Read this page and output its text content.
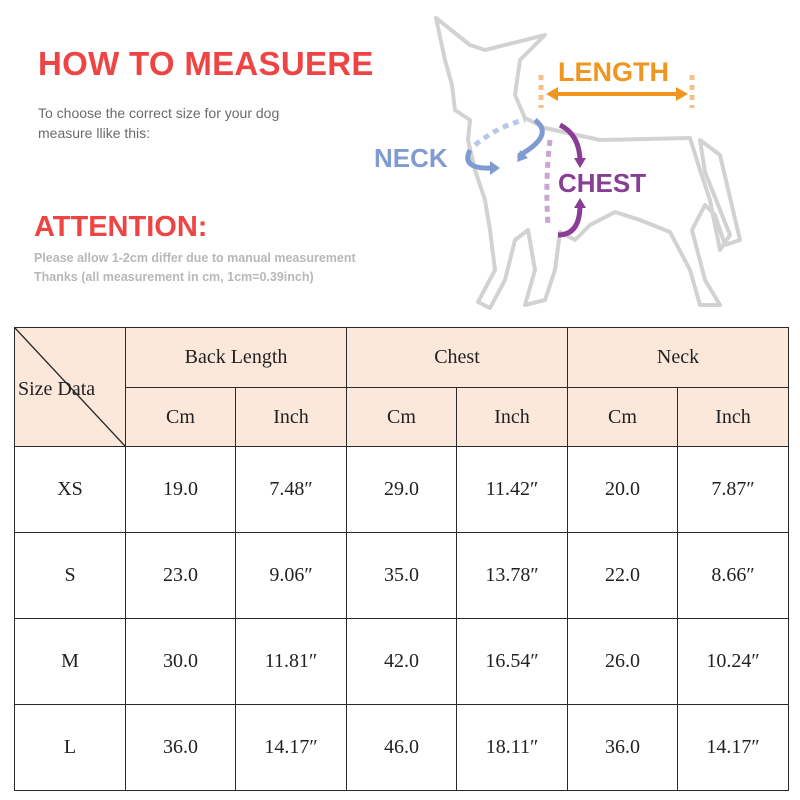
HOW TO MEASUERE
To choose the correct size for your dog
measure llike this:
ATTENTION:
Please allow 1-2cm differ due to manual measurement
Thanks (all measurement in cm, 1cm=0.39inch)
LENGTH
NECK
CHEST
Size Data	Back Length		Chest		Neck	
	Cm	Inch	Cm	Inch	Cm	Inch
XS	19.0	7.48″	29.0	11.42″	20.0	7.87″
S	23.0	9.06″	35.0	13.78″	22.0	8.66″
M	30.0	11.81″	42.0	16.54″	26.0	10.24″
L	36.0	14.17″	46.0	18.11″	36.0	14.17″
